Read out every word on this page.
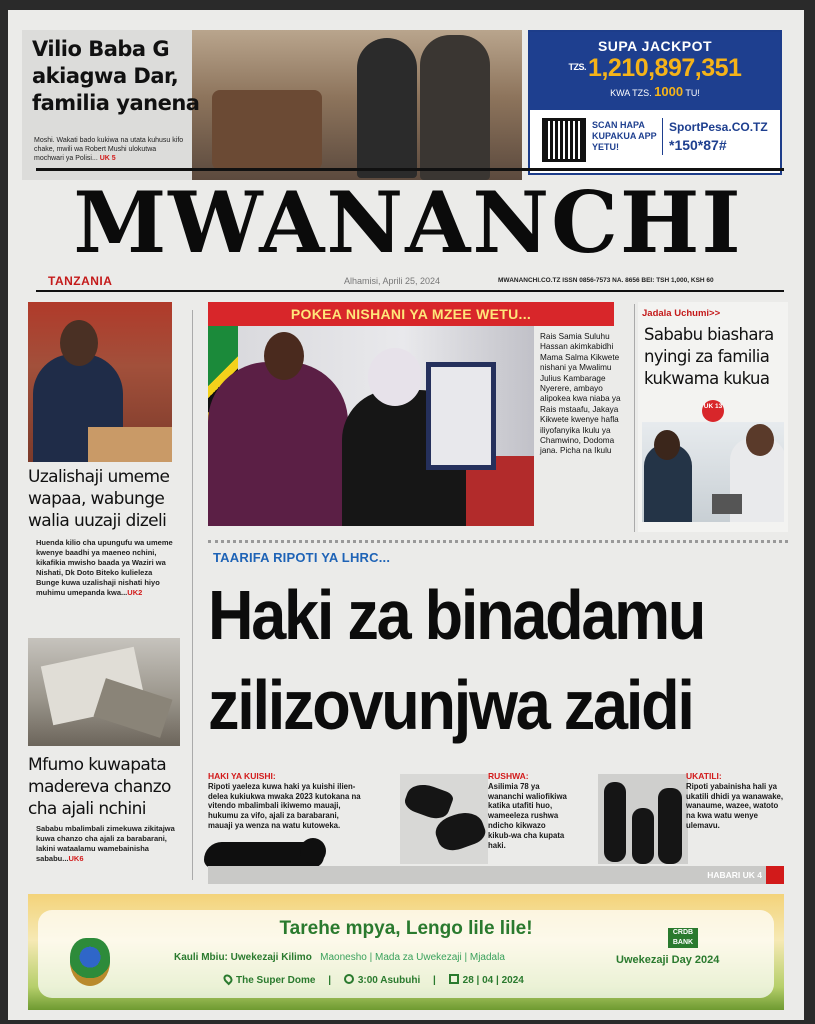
Vilio Baba G akiagwa Dar, familia yanena
Moshi. Wakati bado kukiwa na utata kuhusu kifo chake, mwili wa Robert Mushi ulokutwa mochwari ya Polisi... UK 5
SUPA JACKPOT
$^{TZS.}$1,210,897,351
KWA TZS. 1000 TU!
SCAN HAPA KUPAKUA APP YETU!
SportPesa.CO.TZ
*150*87#
MWANANCHI
TANZANIA	Alhamisi, Aprili 25, 2024	MWANANCHI.CO.TZ ISSN 0856-7573 NA. 8656 BEI: TSH 1,000, KSH 60
Uzalishaji umeme wapaa, wabunge walia uuzaji dizeli
Huenda kilio cha upungufu wa umeme kwenye baadhi ya maeneo nchini, kikafikia mwisho baada ya Waziri wa Nishati, Dk Doto Biteko kulieleza Bunge kuwa uzalishaji nishati hiyo muhimu umepanda kwa...UK2
Mfumo kuwapata madereva chanzo cha ajali nchini
Sababu mbalimbali zimekuwa zikitajwa kuwa chanzo cha ajali za barabarani, lakini wataalamu wamebainisha sababu...UK6
POKEA NISHANI YA MZEE WETU...
Rais Samia Suluhu Hassan akimkabidhi Mama Salma Kikwete nishani ya Mwalimu Julius Kambarage Nyerere, ambayo alipokea kwa niaba ya Rais mstaafu, Jakaya Kikwete kwenye hafla iliyofanyika Ikulu ya Chamwino, Dodoma jana. Picha na Ikulu
Jadala Uchumi>>
Sababu biashara nyingi za familia kukwama kukua
UK 13
TAARIFA RIPOTI YA LHRC...
Haki za binadamu
zilizovunjwa zaidi
HAKI YA KUISHI:
Ripoti yaeleza kuwa haki ya kuishi ilien-delea kukiukwa mwaka 2023 kutokana na vitendo mbalimbali ikiwemo mauaji, hukumu za vifo, ajali za barabarani, mauaji ya wenza na watu kutoweka.
RUSHWA:
Asilimia 78 ya wananchi waliofikiwa katika utafiti huo, wameeleza rushwa ndicho kikwazo kikub-wa cha kupata haki.
UKATILI:
Ripoti yabainisha hali ya ukatili dhidi ya wanawake, wanaume, wazee, watoto na kwa watu wenye ulemavu.
HABARI UK 4
Tarehe mpya, Lengo lile lile!
Kauli Mbiu: Uwekezaji Kilimo Maonesho | Mada za Uwekezaji | Mjadala
The Super Dome |	3:00 Asubuhi |	28 | 04 | 2024
CRDB BANK
Uwekezaji Day 2024
